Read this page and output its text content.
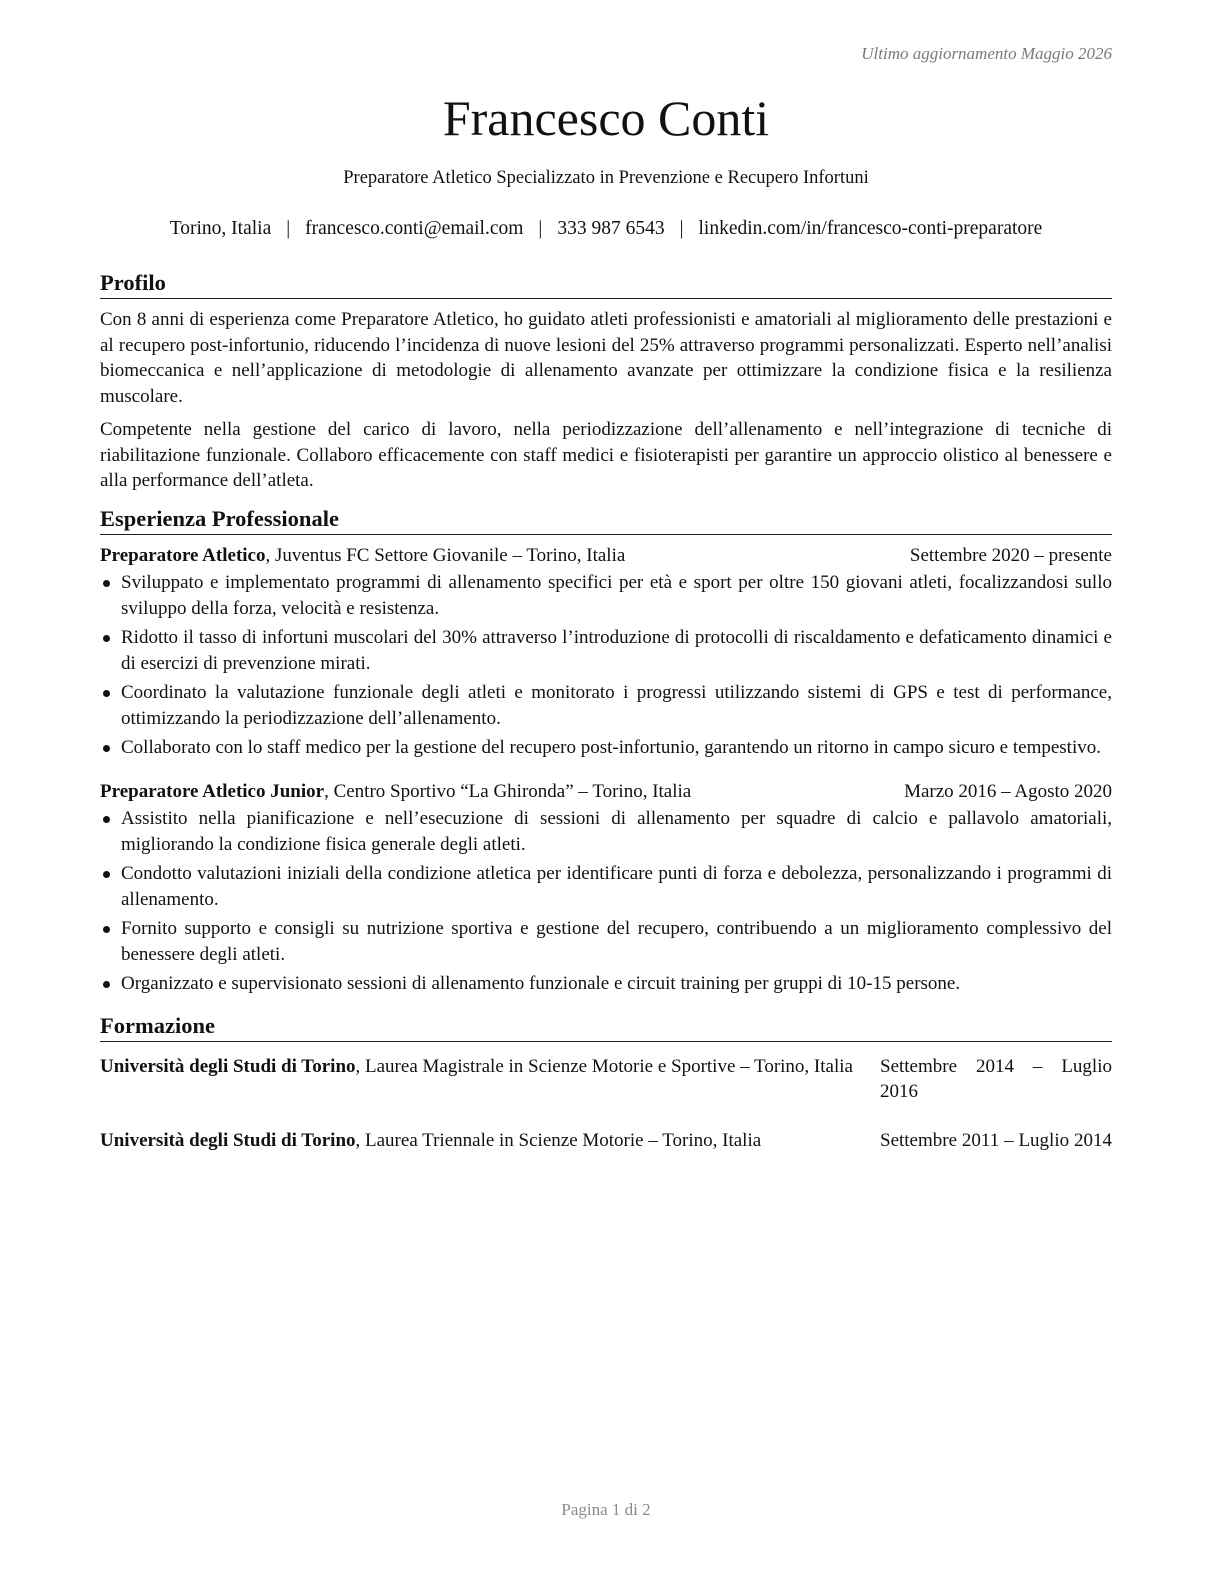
Ultimo aggiornamento Maggio 2026
Francesco Conti
Preparatore Atletico Specializzato in Prevenzione e Recupero Infortuni
Torino, Italia | francesco.conti@email.com | 333 987 6543 | linkedin.com/in/francesco-conti-preparatore
Profilo

Con 8 anni di esperienza come Preparatore Atletico, ho guidato atleti professionisti e amatoriali al miglioramento delle prestazioni e al recupero post-infortunio, riducendo l’incidenza di nuove lesioni del 25% attraverso programmi personalizzati. Esperto nell’analisi biomeccanica e nell’applicazione di metodologie di allenamento avanzate per ottimizzare la condizione fisica e la resilienza muscolare.

Competente nella gestione del carico di lavoro, nella periodizzazione dell’allenamento e nell’integrazione di tecniche di riabilitazione funzionale. Collaboro efficacemente con staff medici e fisioterapisti per garantire un approccio olistico al benessere e alla performance dell’atleta.

Esperienza Professionale
Preparatore Atletico, Juventus FC Settore Giovanile – Torino, Italia	Settembre 2020 – presente
Sviluppato e implementato programmi di allenamento specifici per età e sport per oltre 150 giovani atleti, focalizzandosi sullo sviluppo della forza, velocità e resistenza.
Ridotto il tasso di infortuni muscolari del 30% attraverso l’introduzione di protocolli di riscaldamento e defaticamento dinamici e di esercizi di prevenzione mirati.
Coordinato la valutazione funzionale degli atleti e monitorato i progressi utilizzando sistemi di GPS e test di performance, ottimizzando la periodizzazione dell’allenamento.
Collaborato con lo staff medico per la gestione del recupero post-infortunio, garantendo un ritorno in campo sicuro e tempestivo.
Preparatore Atletico Junior, Centro Sportivo “La Ghironda” – Torino, Italia	Marzo 2016 – Agosto 2020
Assistito nella pianificazione e nell’esecuzione di sessioni di allenamento per squadre di calcio e pallavolo amatoriali, migliorando la condizione fisica generale degli atleti.
Condotto valutazioni iniziali della condizione atletica per identificare punti di forza e debolezza, personalizzando i programmi di allenamento.
Fornito supporto e consigli su nutrizione sportiva e gestione del recupero, contribuendo a un miglioramento complessivo del benessere degli atleti.
Organizzato e supervisionato sessioni di allenamento funzionale e circuit training per gruppi di 10-15 persone.
Formazione
Università degli Studi di Torino, Laurea Magistrale in Scienze Motorie e Sportive – Torino, Italia	Settembre 2014 – Luglio 2016
Università degli Studi di Torino, Laurea Triennale in Scienze Motorie – Torino, Italia	Settembre 2011 – Luglio 2014
Pagina 1 di 2
